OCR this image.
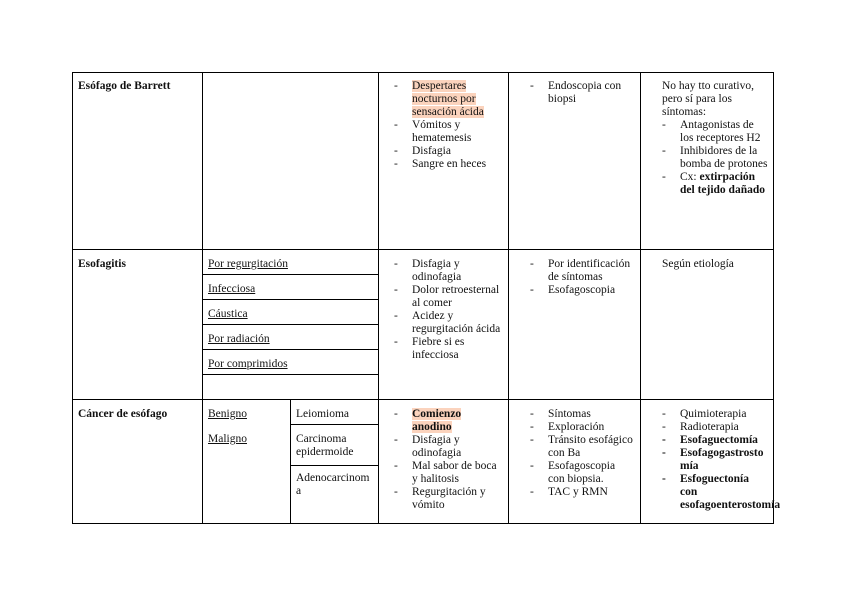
Esófago de Barrett
-	Despertares nocturnos por sensación ácida
- Vómitos y hematemesis
- Disfagia
- Sangre en heces
- Endoscopia con biopsi
No hay tto curativo, pero sí para los síntomas:
- Antagonistas de los receptores H2
- Inhibidores de la bomba de protones
- Cx: extirpación del tejido dañado
Esofagitis	Por regurgitación
Infecciosa
Cáustica
Por radiación
Por comprimidos
- Disfagia y odinofagia
- Dolor retroesternal al comer
- Acidez y regurgitación ácida
- Fiebre si es infecciosa
- Por identificación de síntomas
- Esofagoscopia
Según etiología
Cáncer de esófago	Benigno
Maligno
Leiomioma
Carcinoma epidermoide
Adenocarcinoma
- Comienzo anodino
- Disfagia y odinofagia
- Mal sabor de boca y halitosis
- Regurgitación y vómito
- Síntomas
- Exploración
- Tránsito esofágico con Ba
- Esofagoscopia con biopsia.
- TAC y RMN
- Quimioterapia
- Radioterapia
- Esofaguectomía
- Esofagogastrostomía
- Esfoguectonía con esofagoenterostomía
